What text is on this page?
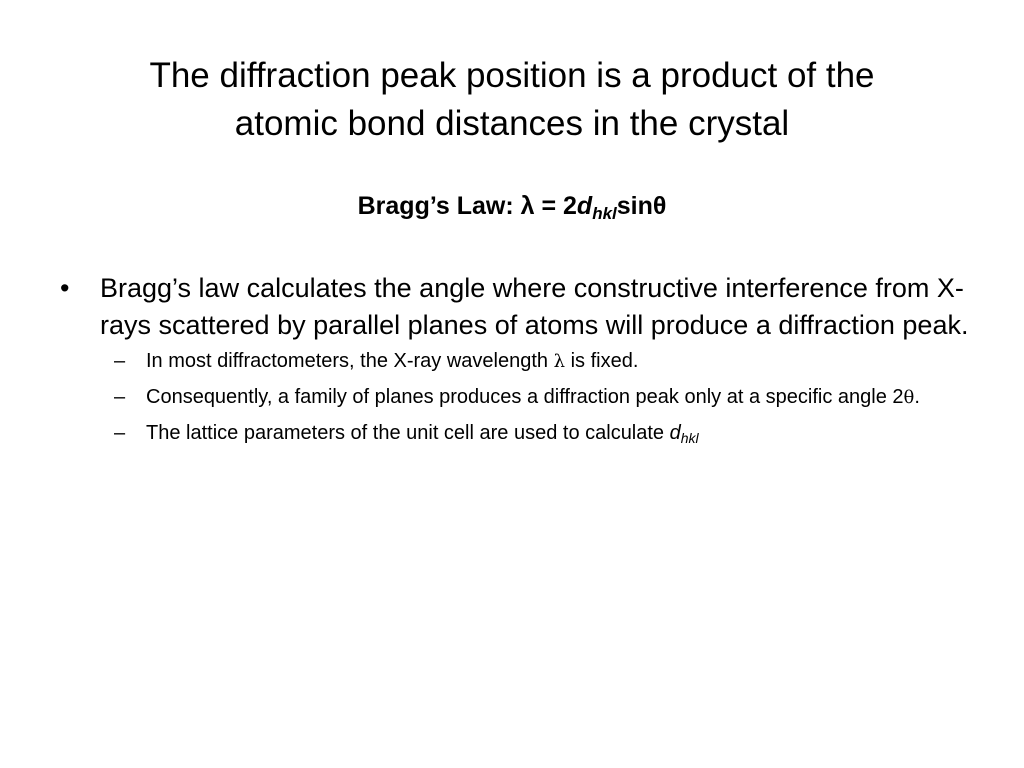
The diffraction peak position is a product of the
atomic bond distances in the crystal
Bragg’s Law: $\lambda = 2d_{hkl}\sin\theta$
• Bragg’s law calculates the angle where constructive interference from X-rays scattered by parallel planes of atoms will produce a diffraction peak.
– In most diffractometers, the X-ray wavelength λ is fixed.
– Consequently, a family of planes produces a diffraction peak only at a specific angle 2θ.
– The lattice parameters of the unit cell are used to calculate $d_{hkl}$
